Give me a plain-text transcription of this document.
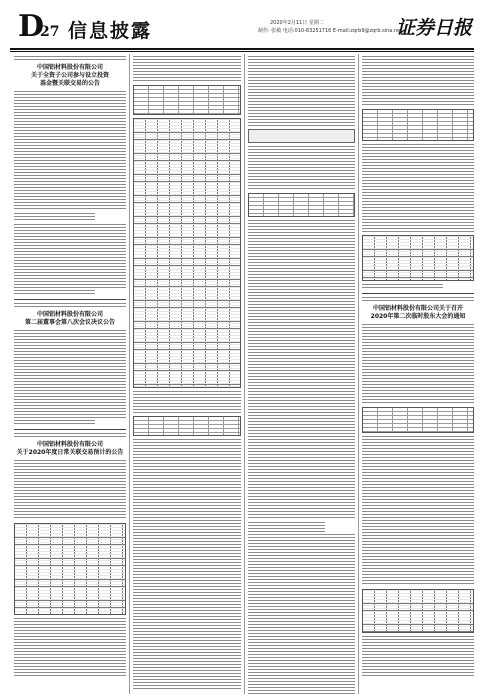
D
27 信息披露	2020年2月11日 星期二
制作: 张敏 电话:010-83251716 E-mail:zqrb9@zqrb.sina.net
证券日报
中国铝材料股份有限公司
关于全资子公司参与设立投资
基金暨关联交易的公告
中国铝材料股份有限公司
第二届董事会第八次会议决议公告
中国铝材料股份有限公司
关于2020年度日常关联交易预计的公告
中国铝材料股份有限公司关于召开
2020年第二次临时股东大会的通知
